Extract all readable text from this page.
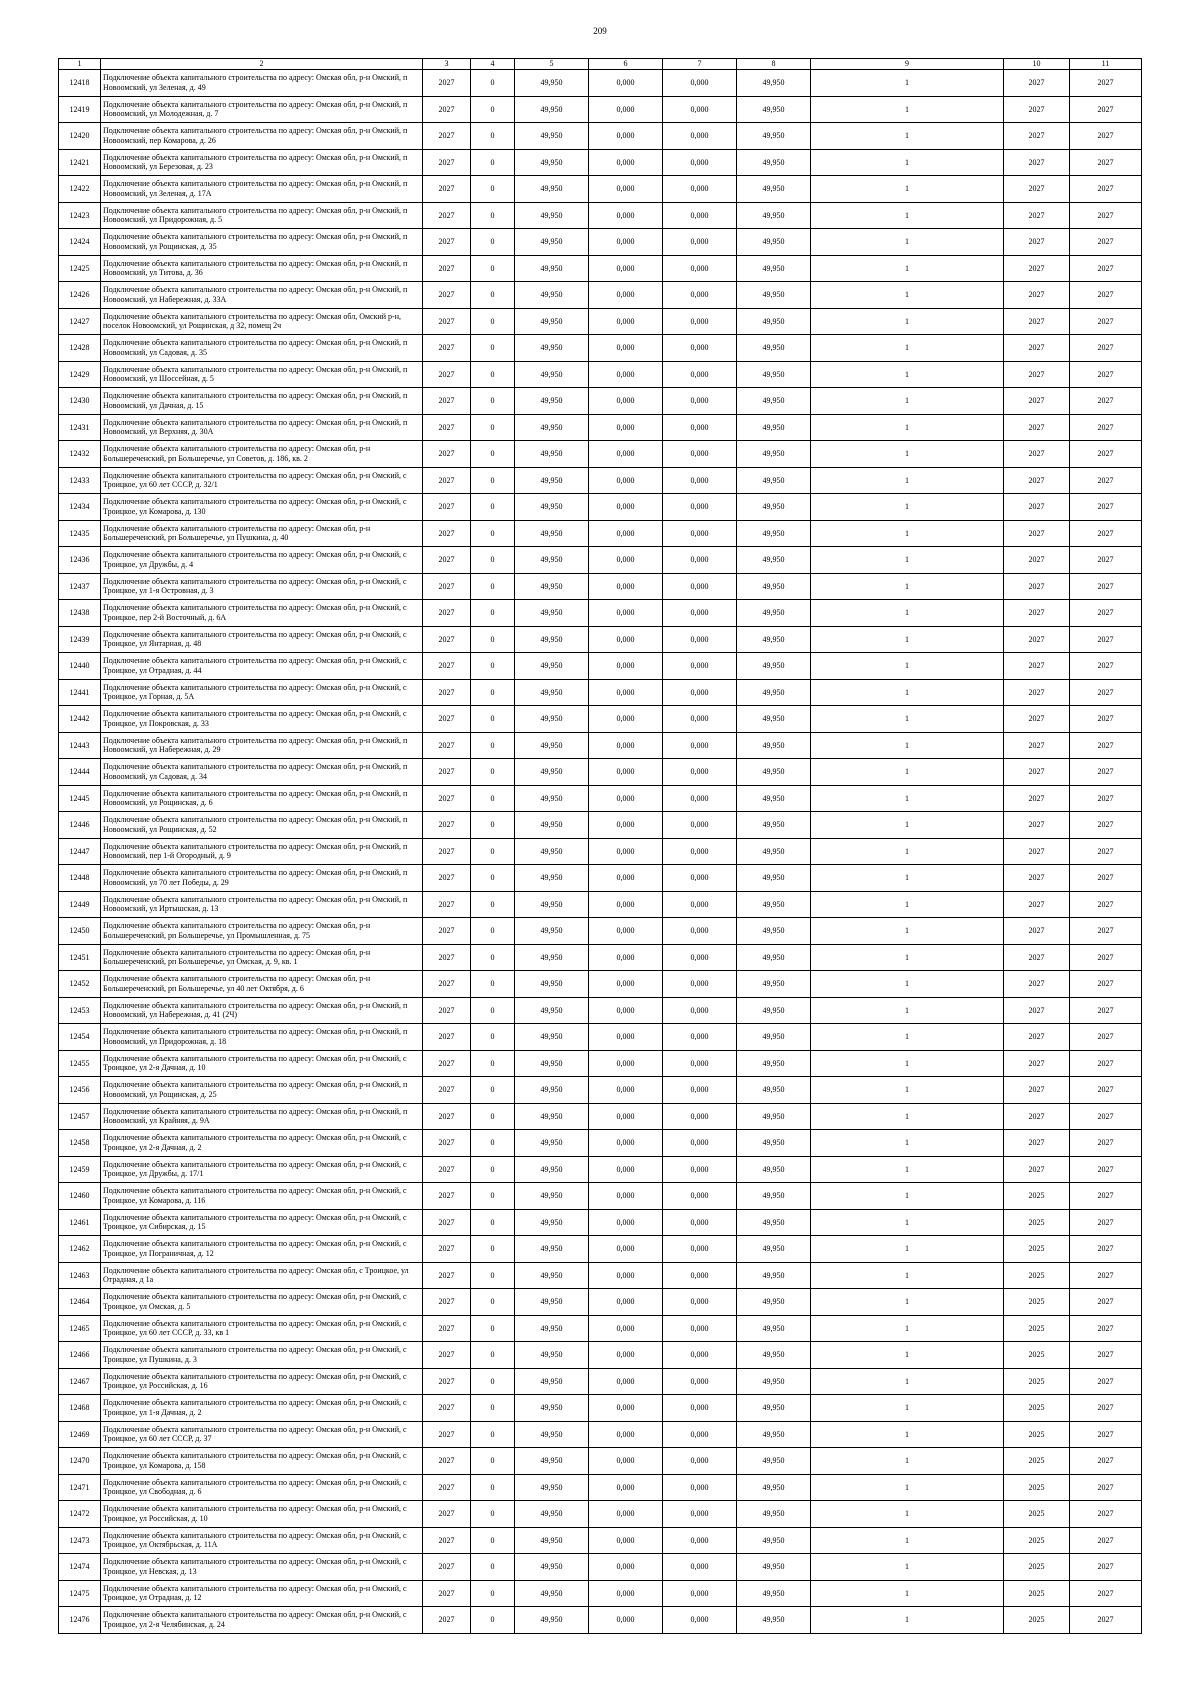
209
1	2	3	4	5	6	7	8	9	10	11
12418	Подключение объекта капитального строительства по адресу: Омская обл, р-н Омский, п Новоомский, ул Зеленая, д. 49	2027	0	49,950	0,000	0,000	49,950	1	2027	2027
12419	Подключение объекта капитального строительства по адресу: Омская обл, р-н Омский, п Новоомский, ул Молодежная, д. 7	2027	0	49,950	0,000	0,000	49,950	1	2027	2027
12420	Подключение объекта капитального строительства по адресу: Омская обл, р-н Омский, п Новоомский, пер Комарова, д. 26	2027	0	49,950	0,000	0,000	49,950	1	2027	2027
12421	Подключение объекта капитального строительства по адресу: Омская обл, р-н Омский, п Новоомский, ул Березовая, д. 23	2027	0	49,950	0,000	0,000	49,950	1	2027	2027
12422	Подключение объекта капитального строительства по адресу: Омская обл, р-н Омский, п Новоомский, ул Зеленая, д. 17А	2027	0	49,950	0,000	0,000	49,950	1	2027	2027
12423	Подключение объекта капитального строительства по адресу: Омская обл, р-н Омский, п Новоомский, ул Придорожная, д. 5	2027	0	49,950	0,000	0,000	49,950	1	2027	2027
12424	Подключение объекта капитального строительства по адресу: Омская обл, р-н Омский, п Новоомский, ул Рощинская, д. 35	2027	0	49,950	0,000	0,000	49,950	1	2027	2027
12425	Подключение объекта капитального строительства по адресу: Омская обл, р-н Омский, п Новоомский, ул Титова, д. 36	2027	0	49,950	0,000	0,000	49,950	1	2027	2027
12426	Подключение объекта капитального строительства по адресу: Омская обл, р-н Омский, п Новоомский, ул Набережная, д. 33А	2027	0	49,950	0,000	0,000	49,950	1	2027	2027
12427	Подключение объекта капитального строительства по адресу: Омская обл, Омский р-н, поселок Новоомский, ул Рощинская, д 32, помещ 2ч	2027	0	49,950	0,000	0,000	49,950	1	2027	2027
12428	Подключение объекта капитального строительства по адресу: Омская обл, р-н Омский, п Новоомский, ул Садовая, д. 35	2027	0	49,950	0,000	0,000	49,950	1	2027	2027
12429	Подключение объекта капитального строительства по адресу: Омская обл, р-н Омский, п Новоомский, ул Шоссейная, д. 5	2027	0	49,950	0,000	0,000	49,950	1	2027	2027
12430	Подключение объекта капитального строительства по адресу: Омская обл, р-н Омский, п Новоомский, ул Дачная, д. 15	2027	0	49,950	0,000	0,000	49,950	1	2027	2027
12431	Подключение объекта капитального строительства по адресу: Омская обл, р-н Омский, п Новоомский, ул Верхняя, д. 30А	2027	0	49,950	0,000	0,000	49,950	1	2027	2027
12432	Подключение объекта капитального строительства по адресу: Омская обл, р-н Большереченский, рп Большеречье, ул Советов, д. 186, кв. 2	2027	0	49,950	0,000	0,000	49,950	1	2027	2027
12433	Подключение объекта капитального строительства по адресу: Омская обл, р-н Омский, с Троицкое, ул 60 лет СССР, д. 32/1	2027	0	49,950	0,000	0,000	49,950	1	2027	2027
12434	Подключение объекта капитального строительства по адресу: Омская обл, р-н Омский, с Троицкое, ул Комарова, д. 130	2027	0	49,950	0,000	0,000	49,950	1	2027	2027
12435	Подключение объекта капитального строительства по адресу: Омская обл, р-н Большереченский, рп Большеречье, ул Пушкина, д. 40	2027	0	49,950	0,000	0,000	49,950	1	2027	2027
12436	Подключение объекта капитального строительства по адресу: Омская обл, р-н Омский, с Троицкое, ул Дружбы, д. 4	2027	0	49,950	0,000	0,000	49,950	1	2027	2027
12437	Подключение объекта капитального строительства по адресу: Омская обл, р-н Омский, с Троицкое, ул 1-я Островная, д. 3	2027	0	49,950	0,000	0,000	49,950	1	2027	2027
12438	Подключение объекта капитального строительства по адресу: Омская обл, р-н Омский, с Троицкое, пер 2-й Восточный, д. 6А	2027	0	49,950	0,000	0,000	49,950	1	2027	2027
12439	Подключение объекта капитального строительства по адресу: Омская обл, р-н Омский, с Троицкое, ул Янтарная, д. 48	2027	0	49,950	0,000	0,000	49,950	1	2027	2027
12440	Подключение объекта капитального строительства по адресу: Омская обл, р-н Омский, с Троицкое, ул Отрадная, д. 44	2027	0	49,950	0,000	0,000	49,950	1	2027	2027
12441	Подключение объекта капитального строительства по адресу: Омская обл, р-н Омский, с Троицкое, ул Горная, д. 5А	2027	0	49,950	0,000	0,000	49,950	1	2027	2027
12442	Подключение объекта капитального строительства по адресу: Омская обл, р-н Омский, с Троицкое, ул Покровская, д. 33	2027	0	49,950	0,000	0,000	49,950	1	2027	2027
12443	Подключение объекта капитального строительства по адресу: Омская обл, р-н Омский, п Новоомский, ул Набережная, д. 29	2027	0	49,950	0,000	0,000	49,950	1	2027	2027
12444	Подключение объекта капитального строительства по адресу: Омская обл, р-н Омский, п Новоомский, ул Садовая, д. 34	2027	0	49,950	0,000	0,000	49,950	1	2027	2027
12445	Подключение объекта капитального строительства по адресу: Омская обл, р-н Омский, п Новоомский, ул Рощинская, д. 6	2027	0	49,950	0,000	0,000	49,950	1	2027	2027
12446	Подключение объекта капитального строительства по адресу: Омская обл, р-н Омский, п Новоомский, ул Рощинская, д. 52	2027	0	49,950	0,000	0,000	49,950	1	2027	2027
12447	Подключение объекта капитального строительства по адресу: Омская обл, р-н Омский, п Новоомский, пер 1-й Огородный, д. 9	2027	0	49,950	0,000	0,000	49,950	1	2027	2027
12448	Подключение объекта капитального строительства по адресу: Омская обл, р-н Омский, п Новоомский, ул 70 лет Победы, д. 29	2027	0	49,950	0,000	0,000	49,950	1	2027	2027
12449	Подключение объекта капитального строительства по адресу: Омская обл, р-н Омский, п Новоомский, ул Иртышская, д. 13	2027	0	49,950	0,000	0,000	49,950	1	2027	2027
12450	Подключение объекта капитального строительства по адресу: Омская обл, р-н Большереченский, рп Большеречье, ул Промышленная, д. 75	2027	0	49,950	0,000	0,000	49,950	1	2027	2027
12451	Подключение объекта капитального строительства по адресу: Омская обл, р-н Большереченский, рп Большеречье, ул Омская, д. 9, кв. 1	2027	0	49,950	0,000	0,000	49,950	1	2027	2027
12452	Подключение объекта капитального строительства по адресу: Омская обл, р-н Большереченский, рп Большеречье, ул 40 лет Октября, д. 6	2027	0	49,950	0,000	0,000	49,950	1	2027	2027
12453	Подключение объекта капитального строительства по адресу: Омская обл, р-н Омский, п Новоомский, ул Набережная, д. 41 (2Ч)	2027	0	49,950	0,000	0,000	49,950	1	2027	2027
12454	Подключение объекта капитального строительства по адресу: Омская обл, р-н Омский, п Новоомский, ул Придорожная, д. 18	2027	0	49,950	0,000	0,000	49,950	1	2027	2027
12455	Подключение объекта капитального строительства по адресу: Омская обл, р-н Омский, с Троицкое, ул 2-я Дачная, д. 10	2027	0	49,950	0,000	0,000	49,950	1	2027	2027
12456	Подключение объекта капитального строительства по адресу: Омская обл, р-н Омский, п Новоомский, ул Рощинская, д. 25	2027	0	49,950	0,000	0,000	49,950	1	2027	2027
12457	Подключение объекта капитального строительства по адресу: Омская обл, р-н Омский, п Новоомский, ул Крайняя, д. 9А	2027	0	49,950	0,000	0,000	49,950	1	2027	2027
12458	Подключение объекта капитального строительства по адресу: Омская обл, р-н Омский, с Троицкое, ул 2-я Дачная, д. 2	2027	0	49,950	0,000	0,000	49,950	1	2027	2027
12459	Подключение объекта капитального строительства по адресу: Омская обл, р-н Омский, с Троицкое, ул Дружбы, д. 17/1	2027	0	49,950	0,000	0,000	49,950	1	2027	2027
12460	Подключение объекта капитального строительства по адресу: Омская обл, р-н Омский, с Троицкое, ул Комарова, д. 116	2027	0	49,950	0,000	0,000	49,950	1	2025	2027
12461	Подключение объекта капитального строительства по адресу: Омская обл, р-н Омский, с Троицкое, ул Сибирская, д. 15	2027	0	49,950	0,000	0,000	49,950	1	2025	2027
12462	Подключение объекта капитального строительства по адресу: Омская обл, р-н Омский, с Троицкое, ул Пограничная, д. 12	2027	0	49,950	0,000	0,000	49,950	1	2025	2027
12463	Подключение объекта капитального строительства по адресу: Омская обл, с Троицкое, ул Отрадная, д 1а	2027	0	49,950	0,000	0,000	49,950	1	2025	2027
12464	Подключение объекта капитального строительства по адресу: Омская обл, р-н Омский, с Троицкое, ул Омская, д. 5	2027	0	49,950	0,000	0,000	49,950	1	2025	2027
12465	Подключение объекта капитального строительства по адресу: Омская обл, р-н Омский, с Троицкое, ул 60 лет СССР, д. 33, кв 1	2027	0	49,950	0,000	0,000	49,950	1	2025	2027
12466	Подключение объекта капитального строительства по адресу: Омская обл, р-н Омский, с Троицкое, ул Пушкина, д. 3	2027	0	49,950	0,000	0,000	49,950	1	2025	2027
12467	Подключение объекта капитального строительства по адресу: Омская обл, р-н Омский, с Троицкое, ул Российская, д. 16	2027	0	49,950	0,000	0,000	49,950	1	2025	2027
12468	Подключение объекта капитального строительства по адресу: Омская обл, р-н Омский, с Троицкое, ул 1-я Дачная, д. 2	2027	0	49,950	0,000	0,000	49,950	1	2025	2027
12469	Подключение объекта капитального строительства по адресу: Омская обл, р-н Омский, с Троицкое, ул 60 лет СССР, д. 37	2027	0	49,950	0,000	0,000	49,950	1	2025	2027
12470	Подключение объекта капитального строительства по адресу: Омская обл, р-н Омский, с Троицкое, ул Комарова, д. 158	2027	0	49,950	0,000	0,000	49,950	1	2025	2027
12471	Подключение объекта капитального строительства по адресу: Омская обл, р-н Омский, с Троицкое, ул Свободная, д. 6	2027	0	49,950	0,000	0,000	49,950	1	2025	2027
12472	Подключение объекта капитального строительства по адресу: Омская обл, р-н Омский, с Троицкое, ул Российская, д. 10	2027	0	49,950	0,000	0,000	49,950	1	2025	2027
12473	Подключение объекта капитального строительства по адресу: Омская обл, р-н Омский, с Троицкое, ул Октябрьская, д. 11А	2027	0	49,950	0,000	0,000	49,950	1	2025	2027
12474	Подключение объекта капитального строительства по адресу: Омская обл, р-н Омский, с Троицкое, ул Невская, д. 13	2027	0	49,950	0,000	0,000	49,950	1	2025	2027
12475	Подключение объекта капитального строительства по адресу: Омская обл, р-н Омский, с Троицкое, ул Отрадная, д. 12	2027	0	49,950	0,000	0,000	49,950	1	2025	2027
12476	Подключение объекта капитального строительства по адресу: Омская обл, р-н Омский, с Троицкое, ул 2-я Челябинская, д. 24	2027	0	49,950	0,000	0,000	49,950	1	2025	2027
